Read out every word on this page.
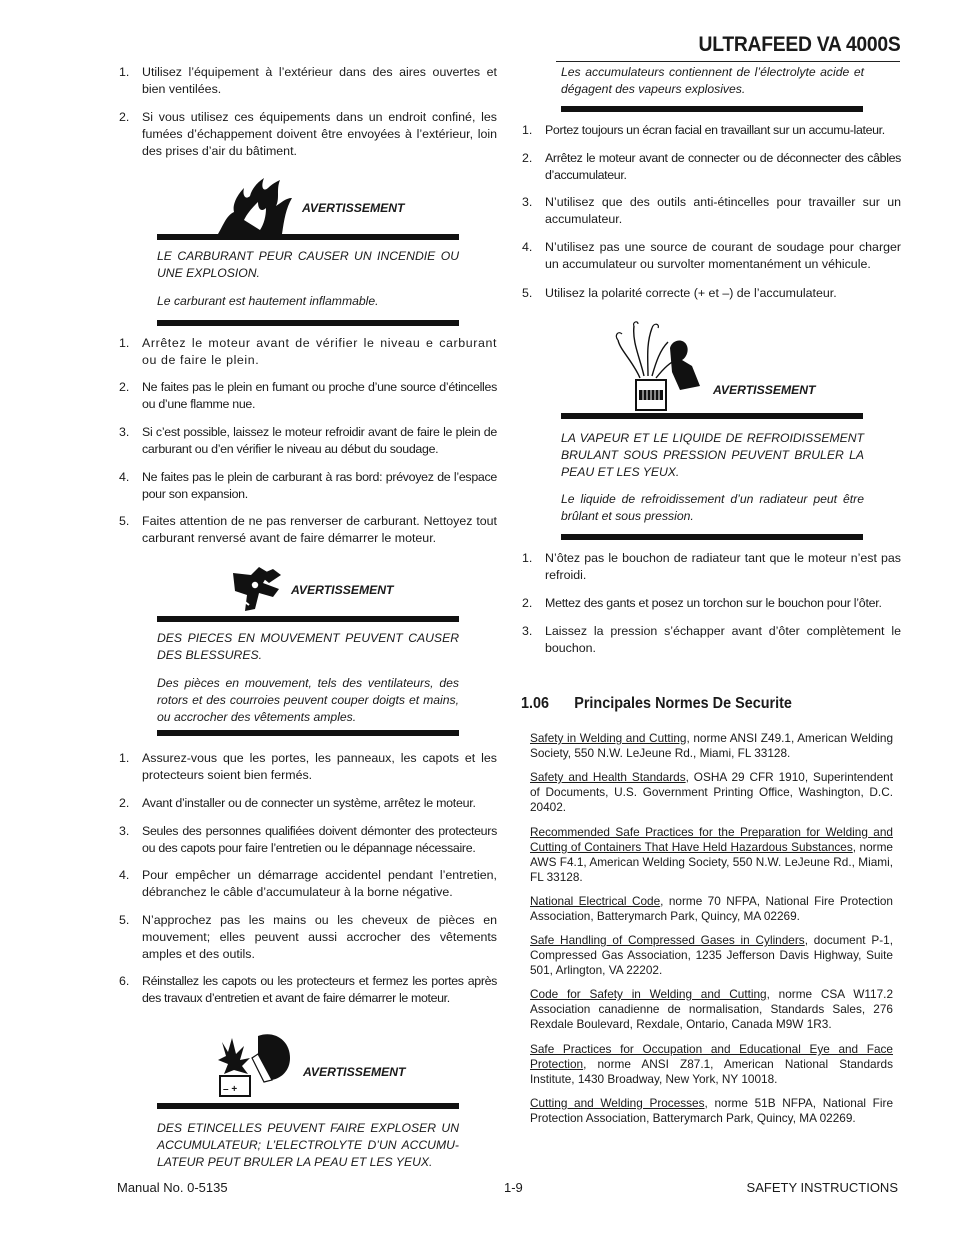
ULTRAFEED VA 4000S
1. Utilisez l’équipement à l’extérieur dans des aires ouvertes et bien ventilées.
2. Si vous utilisez ces équipements dans un endroit confiné, les fumées d’échappement doivent être envoyées à l’extérieur, loin des prises d’air du bâtiment.
AVERTISSEMENT
LE CARBURANT PEUR CAUSER UN INCENDIE OU UNE EXPLOSION.
Le carburant est hautement inflammable.
1. Arrêtez le moteur avant de vérifier le niveau e carburant ou de faire le plein.
2. Ne faites pas le plein en fumant ou proche d’une source d’étincelles ou d’une flamme nue.
3. Si c’est possible, laissez le moteur refroidir avant de faire le plein de carburant ou d’en vérifier le niveau au début du soudage.
4. Ne faites pas le plein de carburant à ras bord: prévoyez de l’espace pour son expansion.
5. Faites attention de ne pas renverser de carburant. Nettoyez tout carburant renversé avant de faire démarrer le moteur.
AVERTISSEMENT
DES PIECES EN MOUVEMENT PEUVENT CAUSER DES BLESSURES.
Des pièces en mouvement, tels des ventilateurs, des rotors et des courroies peuvent couper doigts et mains, ou accrocher des vêtements amples.
1. Assurez-vous que les portes, les panneaux, les capots et les protecteurs soient bien fermés.
2. Avant d’installer ou de connecter un système, arrêtez le moteur.
3. Seules des personnes qualifiées doivent démonter des protecteurs ou des capots pour faire l’entretien ou le dépannage nécessaire.
4. Pour empêcher un démarrage accidentel pendant l’entretien, débranchez le câble d’accumulateur à la borne négative.
5. N’approchez pas les mains ou les cheveux de pièces en mouvement; elles peuvent aussi accrocher des vêtements amples et des outils.
6. Réinstallez les capots ou les protecteurs et fermez les portes après des travaux d’entretien et avant de faire démarrer le moteur.
– +
AVERTISSEMENT
DES ETINCELLES PEUVENT FAIRE EXPLOSER UN ACCUMULATEUR; L’ELECTROLYTE D’UN ACCUMU-LATEUR PEUT BRULER LA PEAU ET LES YEUX.
Les accumulateurs contiennent de l’électrolyte acide et dégagent des vapeurs explosives.
1. Portez toujours un écran facial en travaillant sur un accumu-lateur.
2. Arrêtez le moteur avant de connecter ou de déconnecter des câbles d’accumulateur.
3. N’utilisez que des outils anti-étincelles pour travailler sur un accumulateur.
4. N’utilisez pas une source de courant de soudage pour charger un accumulateur ou survolter momentanément un véhicule.
5. Utilisez la polarité correcte (+ et –) de l’accumulateur.
AVERTISSEMENT
LA VAPEUR ET LE LIQUIDE DE REFROIDISSEMENT BRULANT SOUS PRESSION PEUVENT BRULER LA PEAU ET LES YEUX.
Le liquide de refroidissement d’un radiateur peut être brûlant et sous pression.
1. N’ôtez pas le bouchon de radiateur tant que le moteur n’est pas refroidi.
2. Mettez des gants et posez un torchon sur le bouchon pour l’ôter.
3. Laissez la pression s’échapper avant d’ôter complètement le bouchon.
1.06 Principales Normes De Securite
Safety in Welding and Cutting, norme ANSI Z49.1, American Welding Society, 550 N.W. LeJeune Rd., Miami, FL 33128.
Safety and Health Standards, OSHA 29 CFR 1910, Superintendent of Documents, U.S. Government Printing Office, Washington, D.C. 20402.
Recommended Safe Practices for the Preparation for Welding and Cutting of Containers That Have Held Hazardous Substances, norme AWS F4.1, American Welding Society, 550 N.W. LeJeune Rd., Miami, FL 33128.
National Electrical Code, norme 70 NFPA, National Fire Protection Association, Batterymarch Park, Quincy, MA 02269.
Safe Handling of Compressed Gases in Cylinders, document P-1, Compressed Gas Association, 1235 Jefferson Davis Highway, Suite 501, Arlington, VA 22202.
Code for Safety in Welding and Cutting, norme CSA W117.2 Association canadienne de normalisation, Standards Sales, 276 Rexdale Boulevard, Rexdale, Ontario, Canada M9W 1R3.
Safe Practices for Occupation and Educational Eye and Face Protection, norme ANSI Z87.1, American National Standards Institute, 1430 Broadway, New York, NY 10018.
Cutting and Welding Processes, norme 51B NFPA, National Fire Protection Association, Batterymarch Park, Quincy, MA 02269.
Manual No. 0-5135	1-9	SAFETY INSTRUCTIONS
